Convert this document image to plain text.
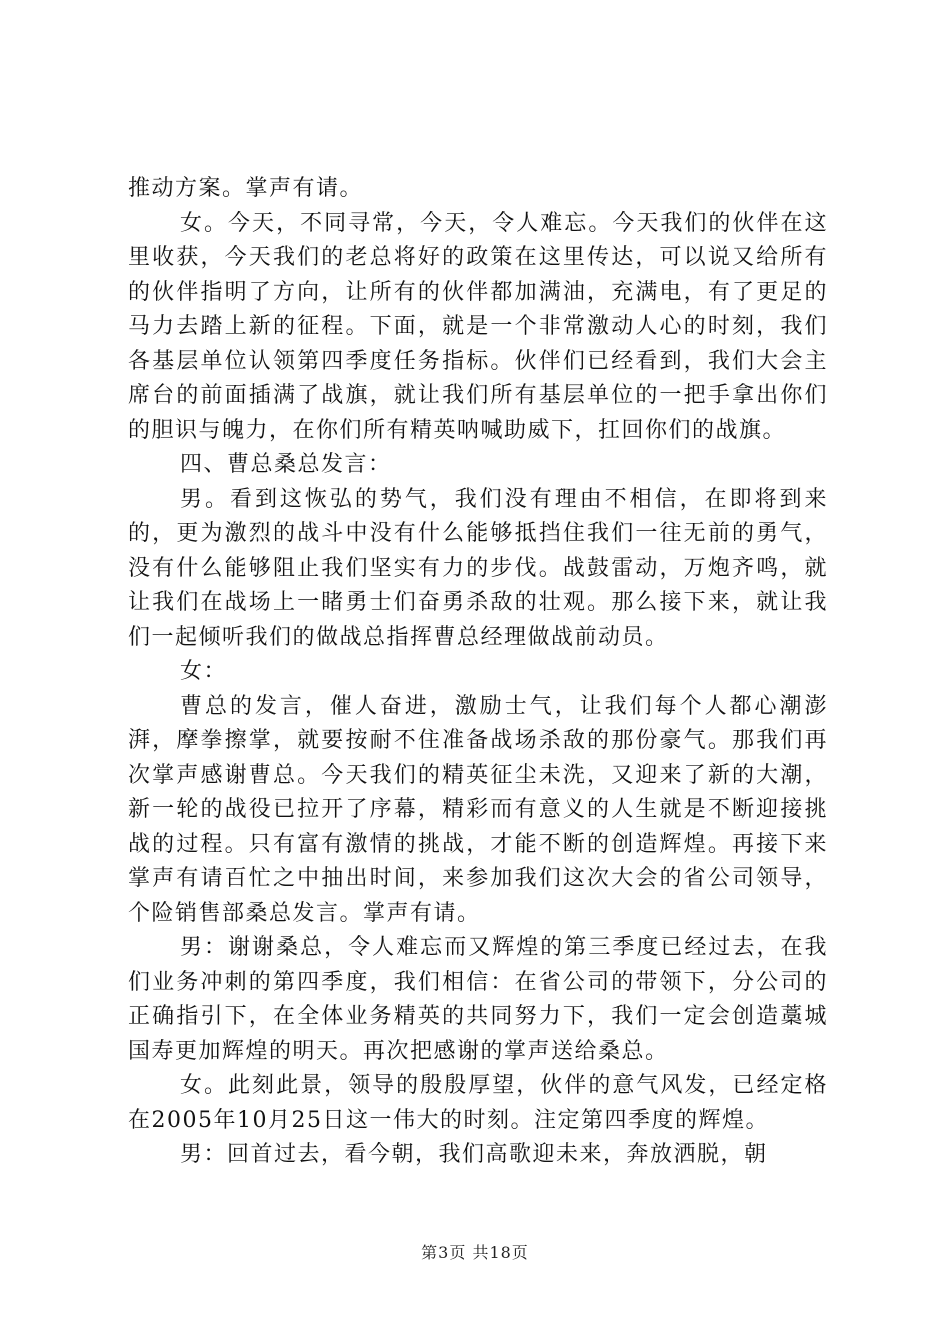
推动方案。掌声有请。

女。今天，不同寻常，今天，令人难忘。今天我们的伙伴在这里收获，今天我们的老总将好的政策在这里传达，可以说又给所有的伙伴指明了方向，让所有的伙伴都加满油，充满电，有了更足的马力去踏上新的征程。下面，就是一个非常激动人心的时刻，我们各基层单位认领第四季度任务指标。伙伴们已经看到，我们大会主席台的前面插满了战旗，就让我们所有基层单位的一把手拿出你们的胆识与魄力，在你们所有精英呐喊助威下，扛回你们的战旗。

四、曹总桑总发言：

男。看到这恢弘的势气，我们没有理由不相信，在即将到来的，更为激烈的战斗中没有什么能够抵挡住我们一往无前的勇气，没有什么能够阻止我们坚实有力的步伐。战鼓雷动，万炮齐鸣，就让我们在战场上一睹勇士们奋勇杀敌的壮观。那么接下来，就让我们一起倾听我们的做战总指挥曹总经理做战前动员。

女：

曹总的发言，催人奋进，激励士气，让我们每个人都心潮澎湃，摩拳擦掌，就要按耐不住准备战场杀敌的那份豪气。那我们再次掌声感谢曹总。今天我们的精英征尘未洗，又迎来了新的大潮，新一轮的战役已拉开了序幕，精彩而有意义的人生就是不断迎接挑战的过程。只有富有激情的挑战，才能不断的创造辉煌。再接下来掌声有请百忙之中抽出时间，来参加我们这次大会的省公司领导，个险销售部桑总发言。掌声有请。

男：谢谢桑总，令人难忘而又辉煌的第三季度已经过去，在我们业务冲刺的第四季度，我们相信：在省公司的带领下，分公司的正确指引下，在全体业务精英的共同努力下，我们一定会创造藁城国寿更加辉煌的明天。再次把感谢的掌声送给桑总。

女。此刻此景，领导的殷殷厚望，伙伴的意气风发，已经定格在2005年10月25日这一伟大的时刻。注定第四季度的辉煌。

男：回首过去，看今朝，我们高歌迎未来，奔放洒脱，朝

第3页 共18页
